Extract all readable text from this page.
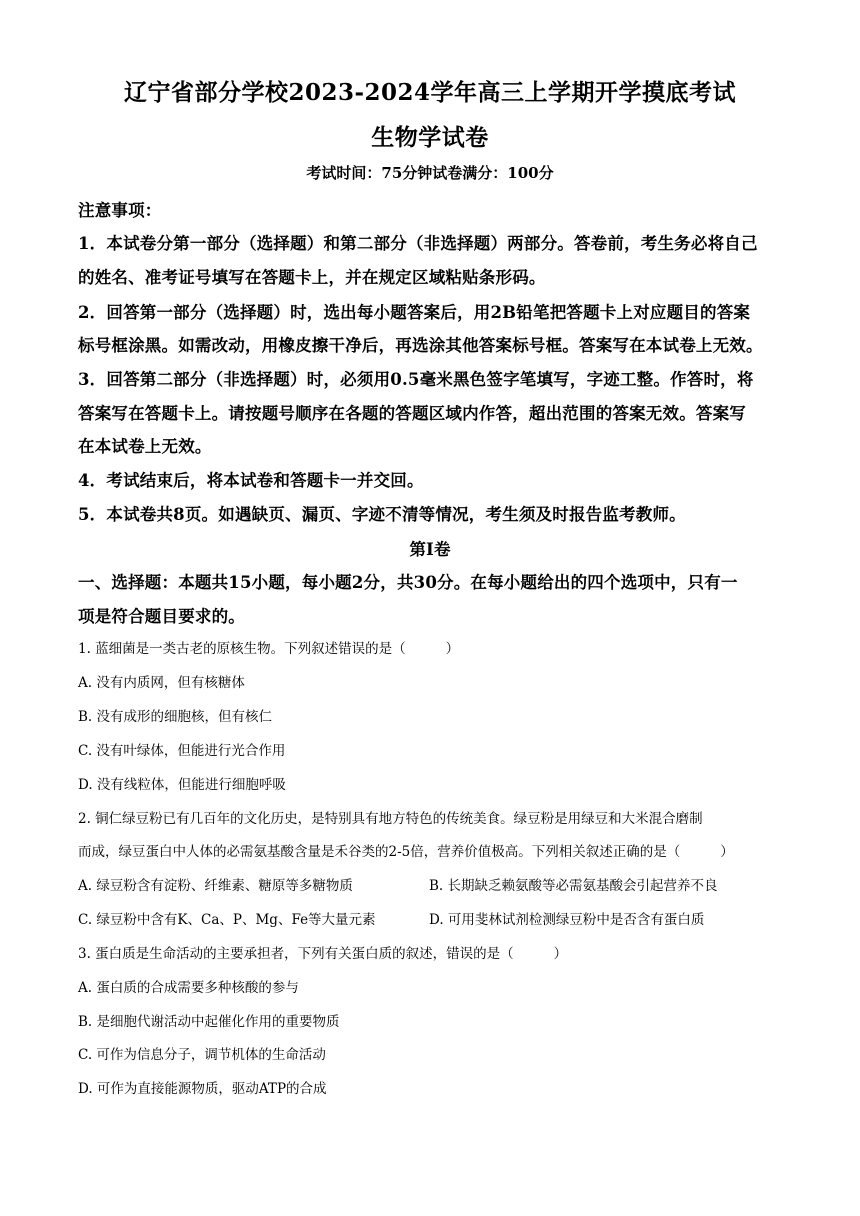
辽宁省部分学校2023-2024学年高三上学期开学摸底考试
生物学试卷
考试时间：75分钟试卷满分：100分
注意事项：
1．本试卷分第一部分（选择题）和第二部分（非选择题）两部分。答卷前，考生务必将自己
的姓名、准考证号填写在答题卡上，并在规定区域粘贴条形码。
2．回答第一部分（选择题）时，选出每小题答案后，用2B铅笔把答题卡上对应题目的答案
标号框涂黑。如需改动，用橡皮擦干净后，再选涂其他答案标号框。答案写在本试卷上无效。
3．回答第二部分（非选择题）时，必须用0.5毫米黑色签字笔填写，字迹工整。作答时，将
答案写在答题卡上。请按题号顺序在各题的答题区域内作答，超出范围的答案无效。答案写
在本试卷上无效。
4．考试结束后，将本试卷和答题卡一并交回。
5．本试卷共8页。如遇缺页、漏页、字迹不清等情况，考生须及时报告监考教师。
第Ⅰ卷
一、选择题：本题共15小题，每小题2分，共30分。在每小题给出的四个选项中，只有一
项是符合题目要求的。
1. 蓝细菌是一类古老的原核生物。下列叙述错误的是（	）
A. 没有内质网，但有核糖体
B. 没有成形的细胞核，但有核仁
C. 没有叶绿体，但能进行光合作用
D. 没有线粒体，但能进行细胞呼吸
2. 铜仁绿豆粉已有几百年的文化历史，是特别具有地方特色的传统美食。绿豆粉是用绿豆和大米混合磨制
而成，绿豆蛋白中人体的必需氨基酸含量是禾谷类的2-5倍，营养价值极高。下列相关叙述正确的是（	）
A. 绿豆粉含有淀粉、纤维素、糖原等多糖物质	B. 长期缺乏赖氨酸等必需氨基酸会引起营养不良
C. 绿豆粉中含有K、Ca、P、Mg、Fe等大量元素	D. 可用斐林试剂检测绿豆粉中是否含有蛋白质
3. 蛋白质是生命活动的主要承担者，下列有关蛋白质的叙述，错误的是（	）
A. 蛋白质的合成需要多种核酸的参与
B. 是细胞代谢活动中起催化作用的重要物质
C. 可作为信息分子，调节机体的生命活动
D. 可作为直接能源物质，驱动ATP的合成
